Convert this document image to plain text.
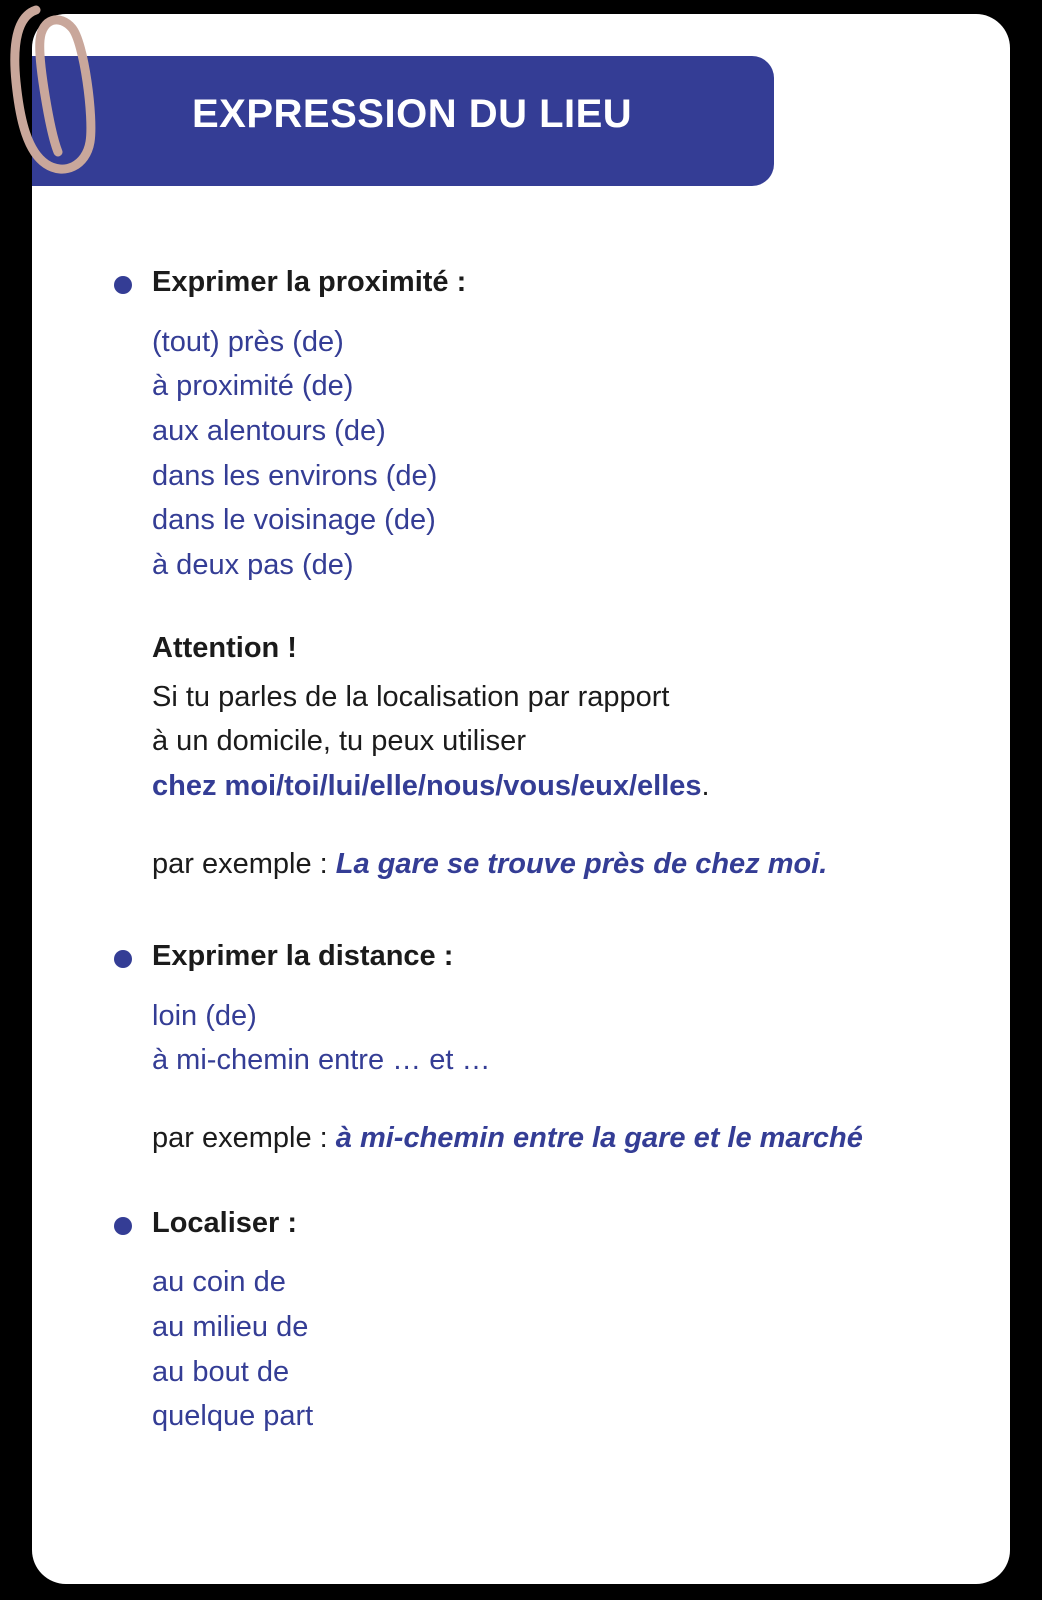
EXPRESSION DU LIEU
Exprimer la proximité :
(tout) près (de)
à proximité (de)
aux alentours (de)
dans les environs (de)
dans le voisinage (de)
à deux pas (de)
Attention !
Si tu parles de la localisation par rapport
à un domicile, tu peux utiliser
chez moi/toi/lui/elle/nous/vous/eux/elles.
par exemple : La gare se trouve près de chez moi.
Exprimer la distance :
loin (de)
à mi-chemin entre … et …
par exemple : à mi-chemin entre la gare et le marché
Localiser :
au coin de
au milieu de
au bout de
quelque part
